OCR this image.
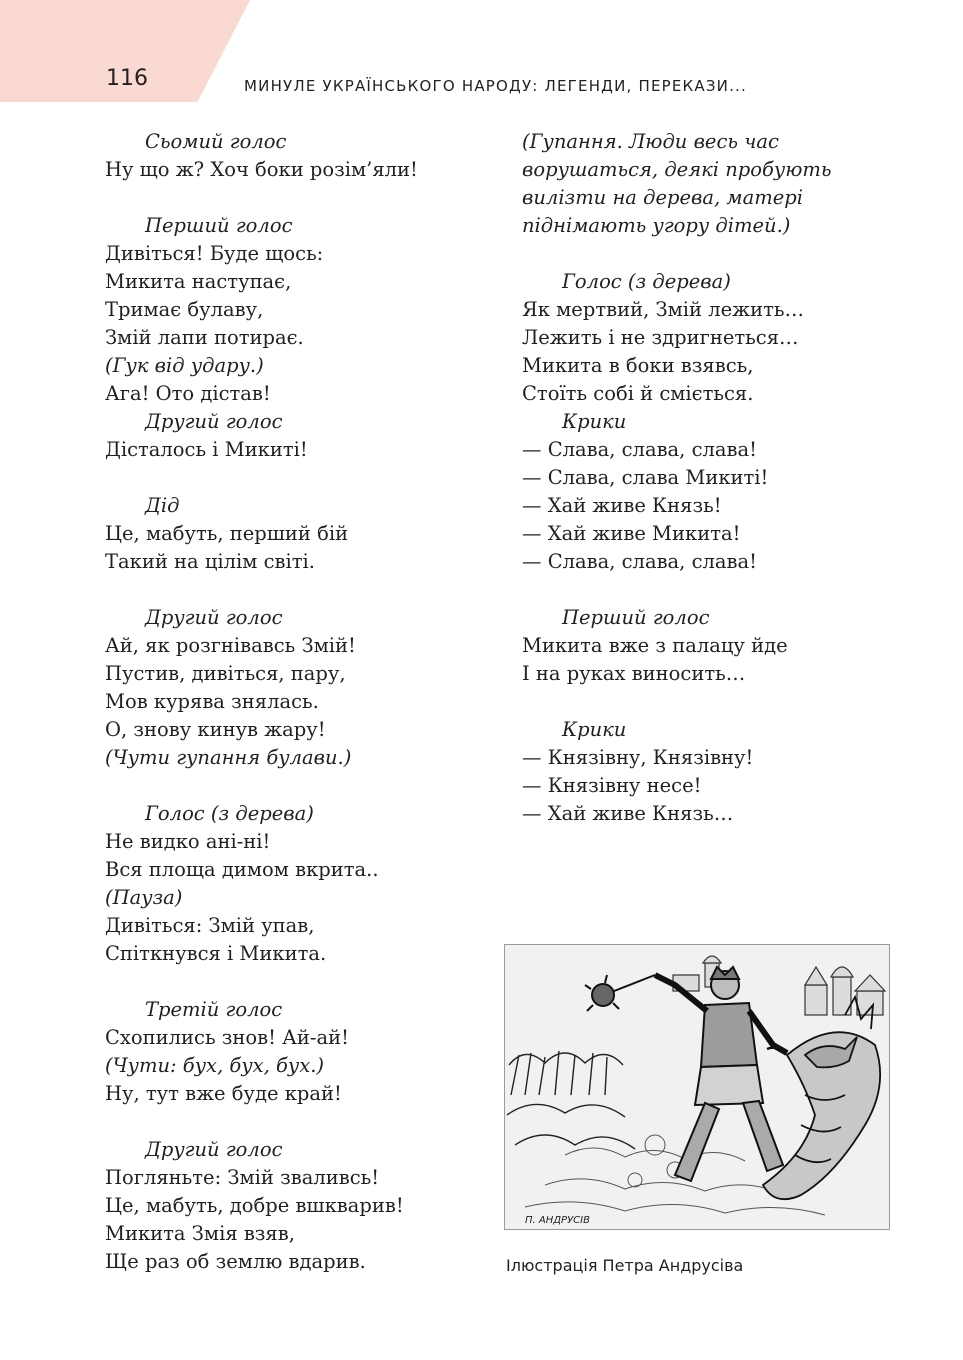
116	МИНУЛЕ УКРАЇНСЬКОГО НАРОДУ: ЛЕГЕНДИ, ПЕРЕКАЗИ...
Сьомий голос
Ну що ж? Хоч боки розім’яли!
Перший голос
Дивіться! Буде щось:
Микита наступає,
Тримає булаву,
Змій лапи потирає.
(Гук від удару.)
Ага! Ото дістав!
Другий голос
Дісталось і Микиті!
Дід
Це, мабуть, перший бій
Такий на цілім світі.
Другий голос
Ай, як розгнівавсь Змій!
Пустив, дивіться, пару,
Мов курява знялась.
О, знову кинув жару!
(Чути гупання булави.)
Голос (з дерева)
Не видко ані-ні!
Вся площа димом вкрита..
(Пауза)
Дивіться: Змій упав,
Спіткнувся і Микита.
Третій голос
Схопились знов! Ай-ай!
(Чути: бух, бух, бух.)
Ну, тут вже буде край!
Другий голос
Погляньте: Змій зваливсь!
Це, мабуть, добре вшкварив!
Микита Змія взяв,
Ще раз об землю вдарив.
(Гупання. Люди весь час
ворушаться, деякі пробують
вилізти на дерева, матері
піднімають угору дітей.)
Голос (з дерева)
Як мертвий, Змій лежить…
Лежить і не здригнеться…
Микита в боки взявсь,
Стоїть собі й сміється.
Крики
— Слава, слава, слава!
— Слава, слава Микиті!
— Хай живе Князь!
— Хай живе Микита!
— Слава, слава, слава!
Перший голос
Микита вже з палацу йде
І на руках виносить…
Крики
— Князівну, Князівну!
— Князівну несе!
— Хай живе Князь…
П. АНДРУСІВ
Ілюстрація Петра Андрусіва
